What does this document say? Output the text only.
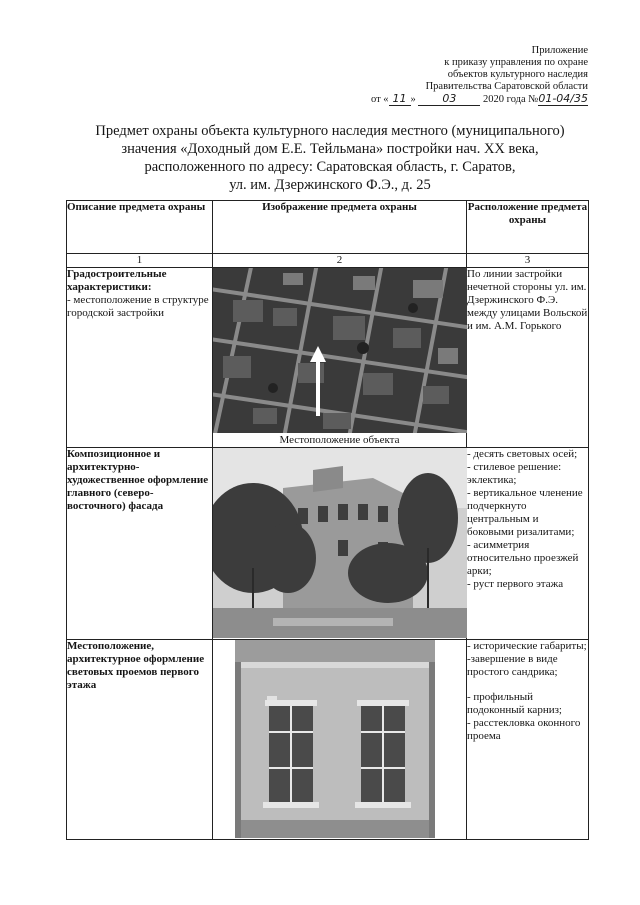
Приложение
к приказу управления по охране
объектов культурного наследия
Правительства Саратовской области
от « 11 » 03	2020 года №01-04/35
Предмет охраны объекта культурного наследия местного (муниципального)
значения «Доходный дом Е.Е. Тейльмана» постройки нач. XX века,
расположенного по адресу: Саратовская область, г. Саратов,
ул. им. Дзержинского Ф.Э., д. 25
Описание предмета охраны	Изображение предмета охраны	Расположение предмета охраны
1	2	3

Градостроительные характеристики:
- местоположение в структуре городской застройки	Местоположение объекта	По линии застройки нечетной стороны ул. им. Дзержинского Ф.Э. между улицами Вольской и им. А.М. Горького

Композиционное и архитектурно-художественное оформление главного (северо-восточного) фасада		- десять световых осей;
- стилевое решение: эклектика;
- вертикальное членение подчеркнуто центральным и боковыми ризалитами;
- асимметрия относительно проезжей арки;
- руст первого этажа

Местоположение, архитектурное оформление световых проемов первого этажа		- исторические габариты;
-завершение в виде простого сандрика;
- профильный подоконный карниз;
- расстекловка оконного проема
